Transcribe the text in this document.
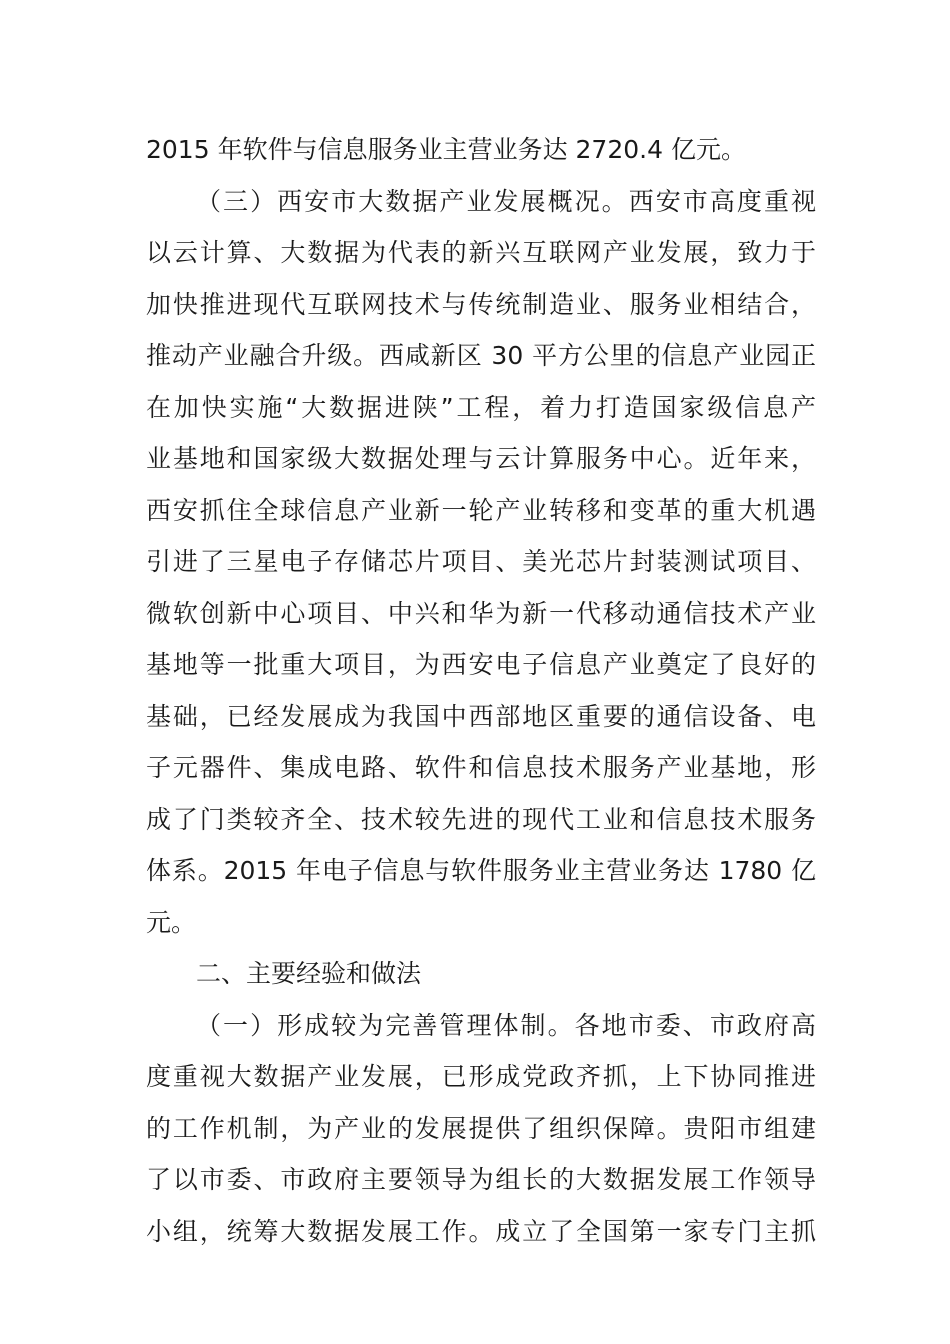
2015 年软件与信息服务业主营业务达 2720.4 亿元。
（三）西安市大数据产业发展概况。西安市高度重视
以云计算、大数据为代表的新兴互联网产业发展，致力于
加快推进现代互联网技术与传统制造业、服务业相结合，
推动产业融合升级。西咸新区 30 平方公里的信息产业园正
在加快实施“大数据进陕”工程，着力打造国家级信息产
业基地和国家级大数据处理与云计算服务中心。近年来，
西安抓住全球信息产业新一轮产业转移和变革的重大机遇
引进了三星电子存储芯片项目、美光芯片封装测试项目、
微软创新中心项目、中兴和华为新一代移动通信技术产业
基地等一批重大项目，为西安电子信息产业奠定了良好的
基础，已经发展成为我国中西部地区重要的通信设备、电
子元器件、集成电路、软件和信息技术服务产业基地，形
成了门类较齐全、技术较先进的现代工业和信息技术服务
体系。2015 年电子信息与软件服务业主营业务达 1780 亿
元。
二、主要经验和做法
（一）形成较为完善管理体制。各地市委、市政府高
度重视大数据产业发展，已形成党政齐抓，上下协同推进
的工作机制，为产业的发展提供了组织保障。贵阳市组建
了以市委、市政府主要领导为组长的大数据发展工作领导
小组，统筹大数据发展工作。成立了全国第一家专门主抓
